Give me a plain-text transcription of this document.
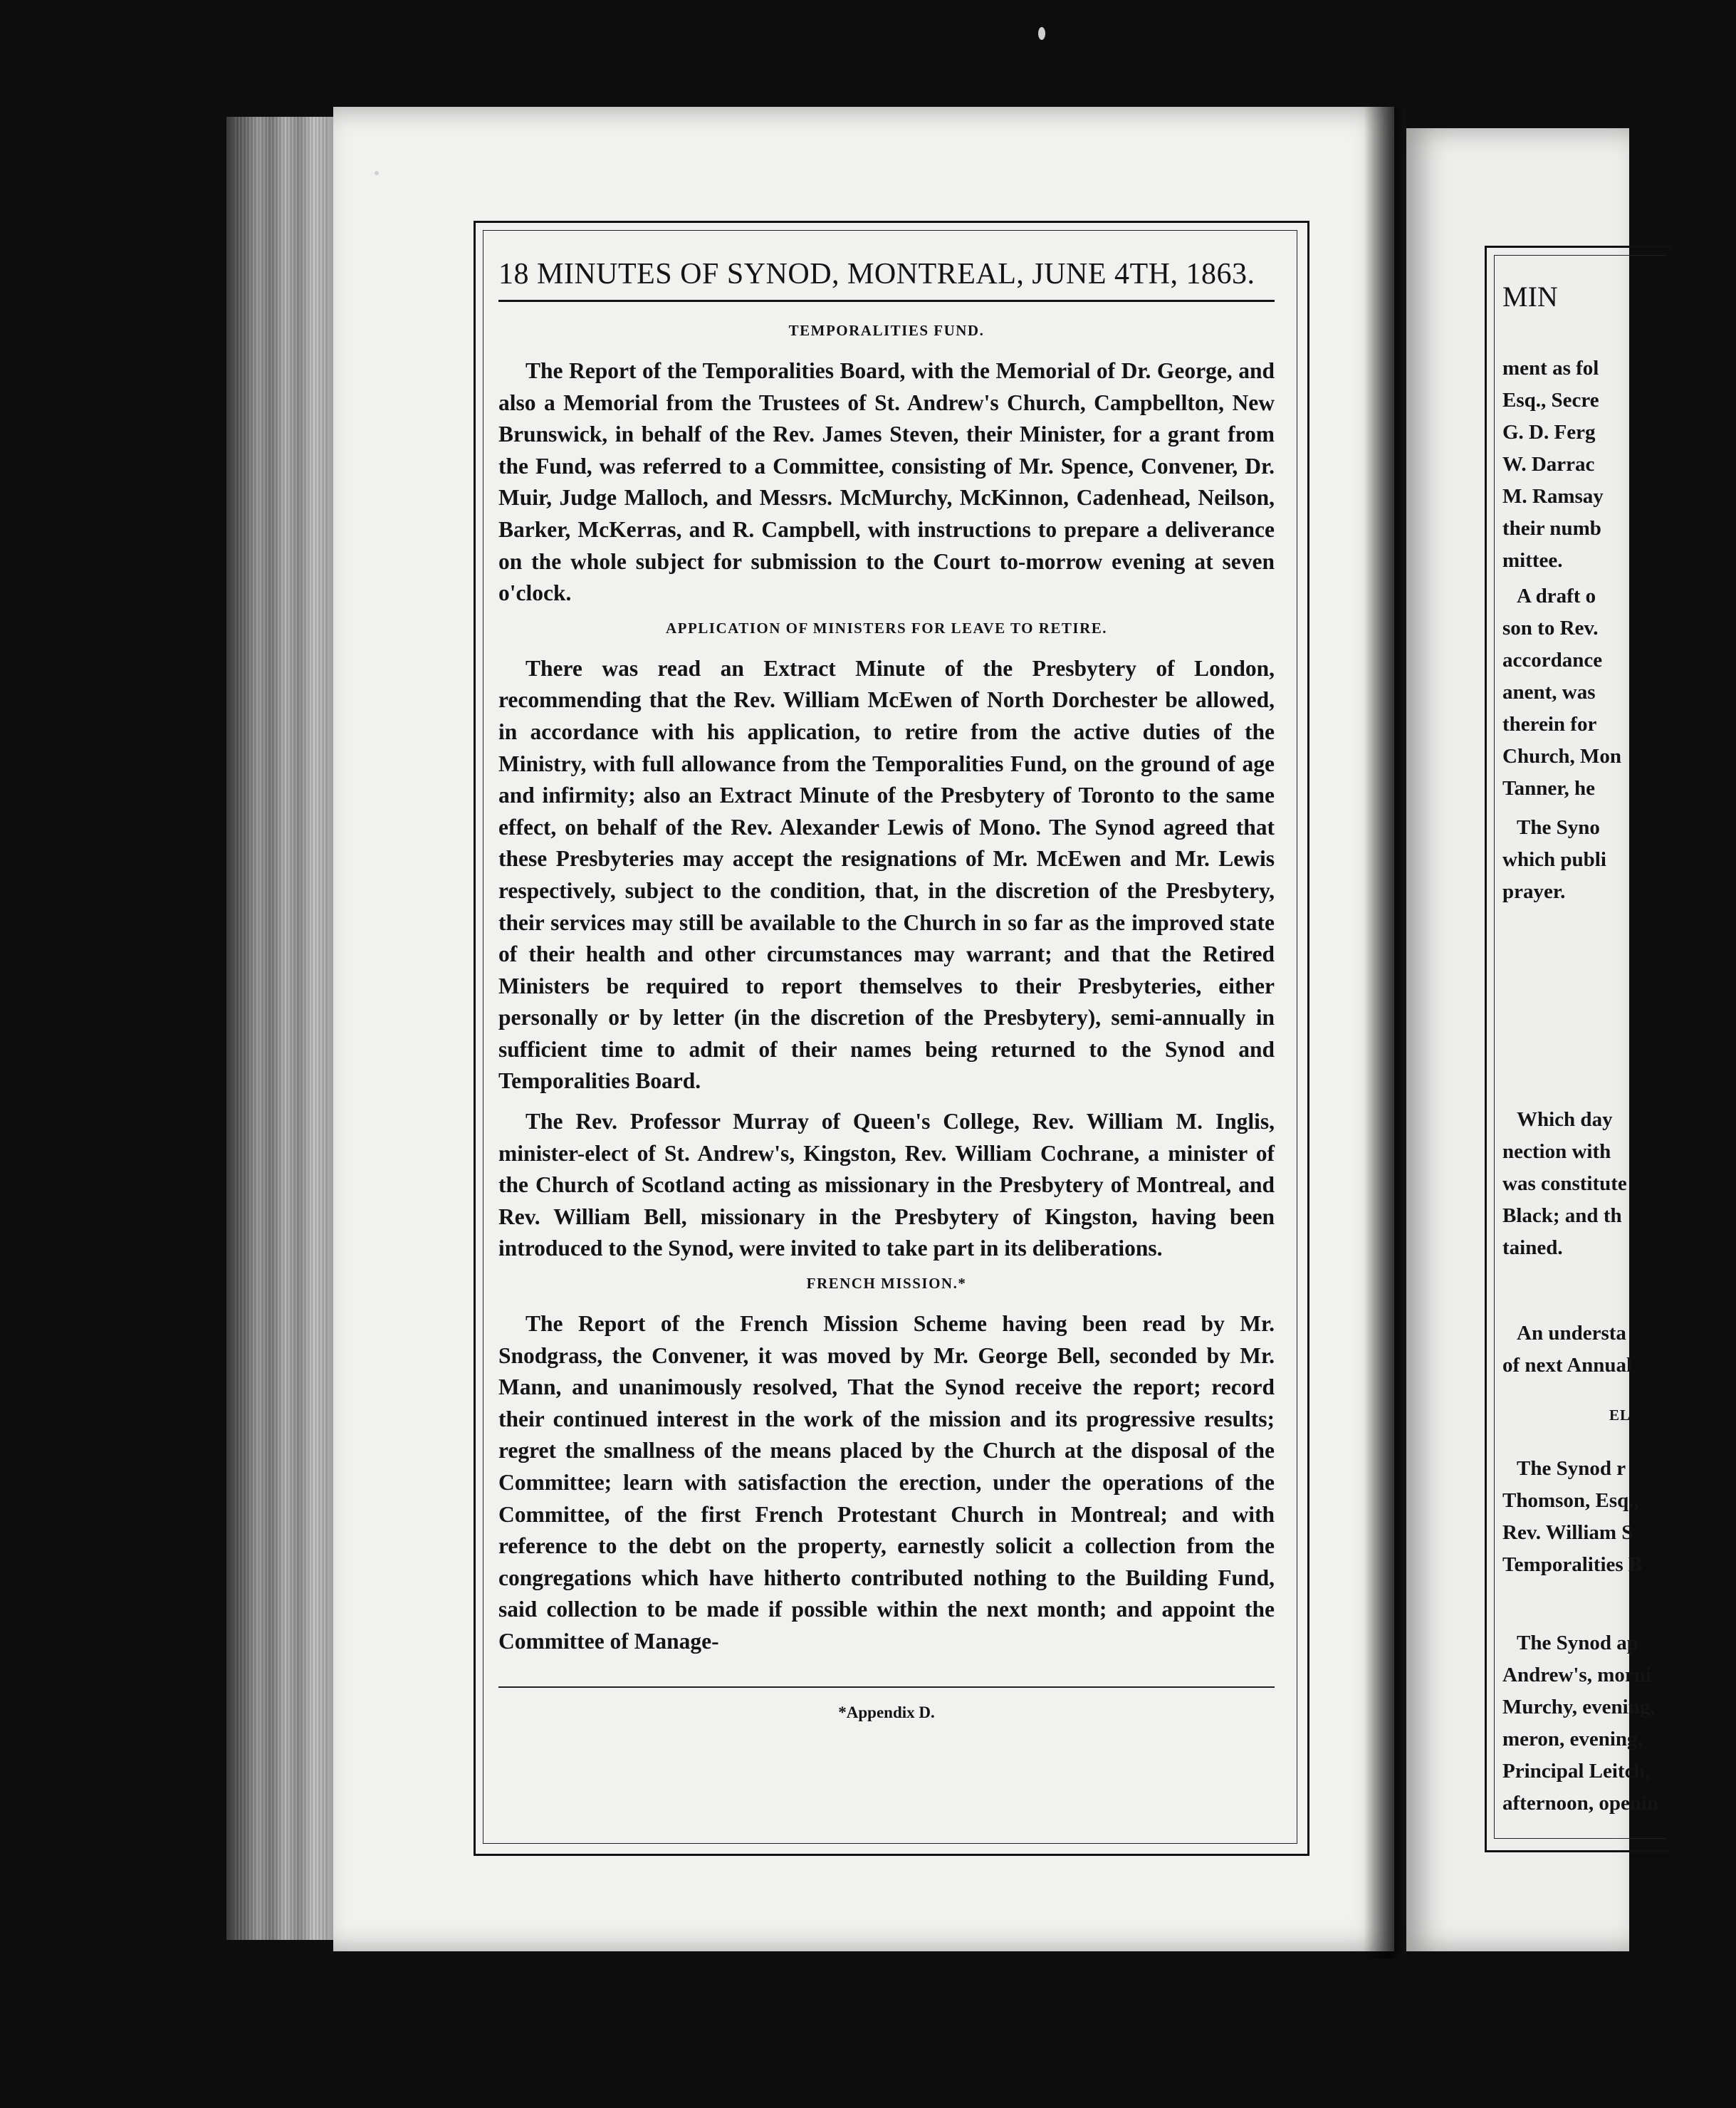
18 MINUTES OF SYNOD, MONTREAL, JUNE 4TH, 1863.
TEMPORALITIES FUND.

The Report of the Temporalities Board, with the Memorial of Dr. George, and also a Memorial from the Trustees of St. Andrew's Church, Campbellton, New Brunswick, in behalf of the Rev. James Steven, their Minister, for a grant from the Fund, was referred to a Committee, consisting of Mr. Spence, Convener, Dr. Muir, Judge Malloch, and Messrs. McMurchy, McKinnon, Cadenhead, Neilson, Barker, McKerras, and R. Campbell, with instructions to prepare a deliverance on the whole subject for submission to the Court to-morrow evening at seven o'clock.

APPLICATION OF MINISTERS FOR LEAVE TO RETIRE.

There was read an Extract Minute of the Presbytery of London, recommending that the Rev. William McEwen of North Dorchester be allowed, in accordance with his application, to retire from the active duties of the Ministry, with full allowance from the Temporalities Fund, on the ground of age and infirmity; also an Extract Minute of the Presbytery of Toronto to the same effect, on behalf of the Rev. Alexander Lewis of Mono. The Synod agreed that these Presbyteries may accept the resignations of Mr. McEwen and Mr. Lewis respectively, subject to the condition, that, in the discretion of the Presbytery, their services may still be available to the Church in so far as the improved state of their health and other circumstances may warrant; and that the Retired Ministers be required to report themselves to their Presbyteries, either personally or by letter (in the discretion of the Presbytery), semi-annually in sufficient time to admit of their names being returned to the Synod and Temporalities Board.

The Rev. Professor Murray of Queen's College, Rev. William M. Inglis, minister-elect of St. Andrew's, Kingston, Rev. William Cochrane, a minister of the Church of Scotland acting as missionary in the Presbytery of Montreal, and Rev. William Bell, missionary in the Presbytery of Kingston, having been introduced to the Synod, were invited to take part in its deliberations.

FRENCH MISSION.*

The Report of the French Mission Scheme having been read by Mr. Snodgrass, the Convener, it was moved by Mr. George Bell, seconded by Mr. Mann, and unanimously resolved, That the Synod receive the report; record their continued interest in the work of the mission and its progressive results; regret the smallness of the means placed by the Church at the disposal of the Committee; learn with satisfaction the erection, under the operations of the Committee, of the first French Protestant Church in Montreal; and with reference to the debt on the property, earnestly solicit a collection from the congregations which have hitherto contributed nothing to the Building Fund, said collection to be made if possible within the next month; and appoint the Committee of Manage-

*Appendix D.
MIN
ment as fol
Esq., Secre
G. D. Ferg
W. Darrac
M. Ramsay
their numb
mittee.
A draft o
son to Rev.
accordance
anent, was
therein for
Church, Mon
Tanner, he
The Syno
which publi
prayer.
Which day
nection with
was constitute
Black; and th
tained.
An understa
of next Annual
EL
The Synod r
Thomson, Esq.,
Rev. William S
Temporalities B
The Synod ap
Andrew's, morni
Murchy, evening,
meron, evening,
Principal Leitch,
afternoon, openin
